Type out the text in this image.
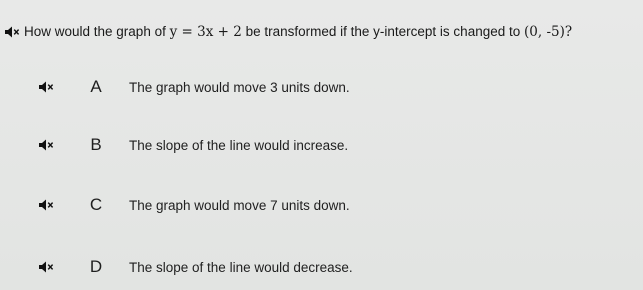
How would the graph of y = 3x + 2 be transformed if the y-intercept is changed to (0, -5)?
A	The graph would move 3 units down.
B	The slope of the line would increase.
C The graph would move 7 units down.
D The slope of the line would decrease.
